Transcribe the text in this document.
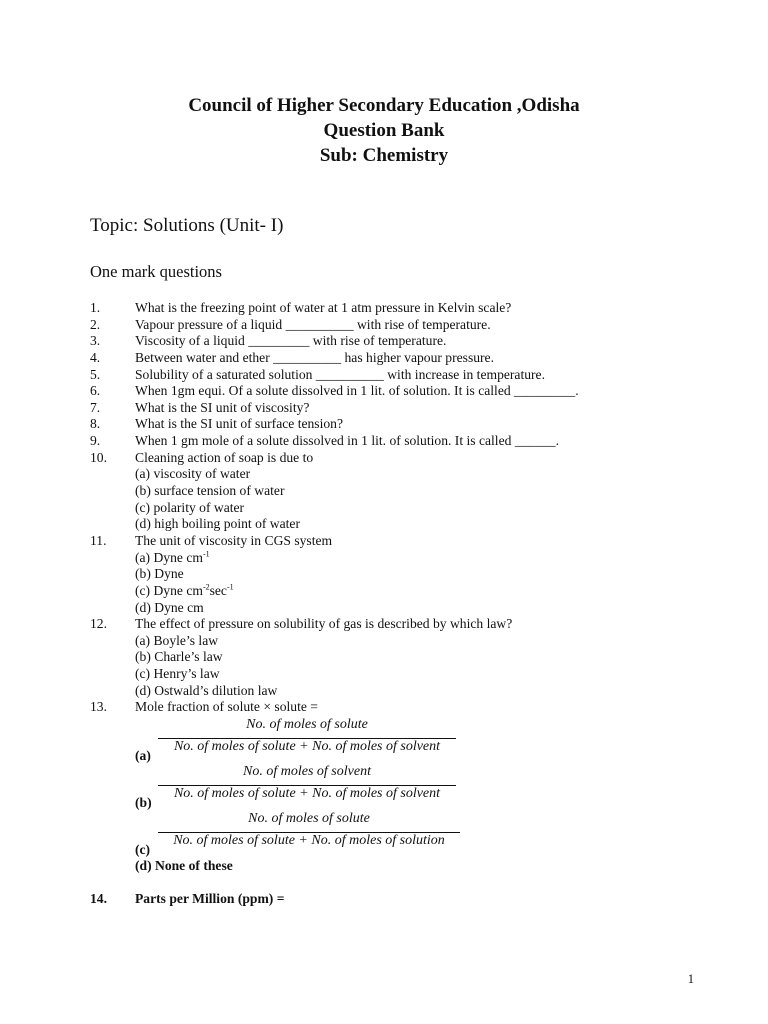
Council of Higher Secondary Education ,Odisha
Question Bank
Sub: Chemistry
Topic: Solutions (Unit- I)
One mark questions
1.	What is the freezing point of water at 1 atm pressure in Kelvin scale?
2.	Vapour pressure of a liquid __________ with rise of temperature.
3.	Viscosity of a liquid _________ with rise of temperature.
4.	Between water and ether __________ has higher vapour pressure.
5.	Solubility of a saturated solution __________ with increase in temperature.
6.	When 1gm equi. Of a solute dissolved in 1 lit. of solution. It is called _________.
7.	What is the SI unit of viscosity?
8.	What is the SI unit of surface tension?
9.	When 1 gm mole of a solute dissolved in 1 lit. of solution. It is called ______.
10. Cleaning action of soap is due to
(a) viscosity of water
(b) surface tension of water
(c) polarity of water
(d) high boiling point of water
11. The unit of viscosity in CGS system
(a) Dyne $cm^{-1}$
(b) Dyne
(c) Dyne $cm^{-2}\sec^{-1}$
(d) Dyne cm
12. The effect of pressure on solubility of gas is described by which law?
(a) Boyle’s law
(b) Charle’s law
(c) Henry’s law
(d) Ostwald’s dilution law
13. Mole fraction of solute × solute =
(a)
No. of moles of solute
No. of moles of solute + No. of moles of solvent
(b)
No. of moles of solvent
No. of moles of solute + No. of moles of solvent
(c)
No. of moles of solute
No. of moles of solute + No. of moles of solution
(d) None of these
14. Parts per Million (ppm) =
1
